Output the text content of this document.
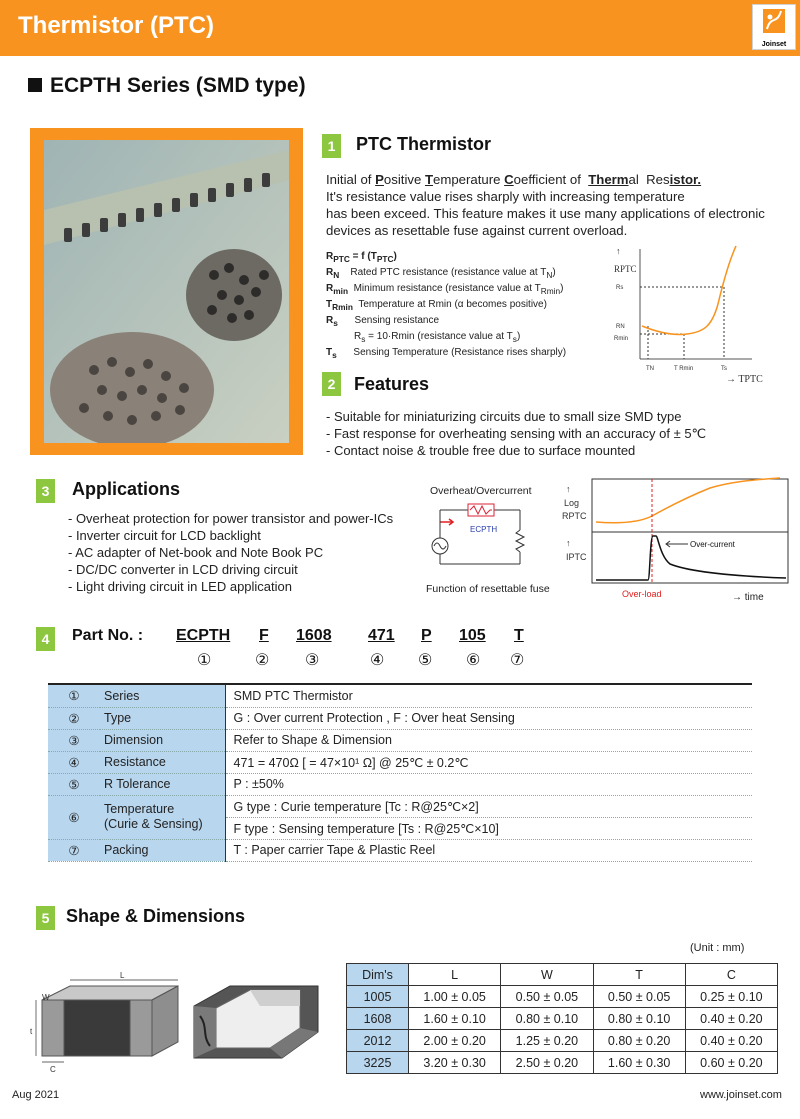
Thermistor (PTC)
Joinset
ECPTH Series (SMD type)
1	PTC Thermistor
Initial of Positive Temperature Coefficient of  Thermal  Resistor.
It's resistance value rises sharply with increasing temperature
has been exceed. This feature makes it use many applications of electronic
devices as resettable fuse against current overload.
$R_{PTC} = f$ $(T_{PTC})$
$R_N$    Rated PTC resistance (resistance value at $T_N$)
$R_{min}$  Minimum resistance (resistance value at $T_{Rmin}$)
$T_{Rmin}$  Temperature at Rmin (α becomes positive)
$R_s$      Sensing resistance
$R_s = 10\cdot Rmin$ (resistance value at $T_s$)
$T_s$      Sensing Temperature (Resistance rises sharply)
↑
RPTC
Rs
RN
Rmin
TN	T Rmin	Ts
→ TPTC
2	Features
- Suitable for miniaturizing circuits due to small size SMD type
- Fast response for overheating sensing with an accuracy of ± 5℃
- Contact noise & trouble free due to surface mounted
3	Applications
- Overheat protection for power transistor and power-ICs
- Inverter circuit for LCD backlight
- AC adapter of Net-book and Note Book PC
- DC/DC converter in LCD driving circuit
- Light driving circuit in LED application
Overheat/Overcurrent
ECPTH
Function of resettable fuse
↑
Log
RPTC
↑
IPTC
Over-current
Over-load	→ time
4	Part No. : ECPTH F 1608 471 P 105 T
①	② ③	④ ⑤ ⑥ ⑦
①	Series	SMD PTC Thermistor
②	Type	G : Over current Protection , F : Over heat Sensing
③	Dimension	Refer to Shape & Dimension
④	Resistance	471 = 470Ω [ = 47×10¹ Ω] @ 25℃ ± 0.2℃
⑤	R Tolerance	P : ±50%
⑥	Temperature
(Curie & Sensing)	G type : Curie temperature [Tc : R@25℃×2]
		F type : Sensing temperature [Ts : R@25℃×10]
⑦	Packing	T : Paper carrier Tape & Plastic Reel
5 Shape & Dimensions
(Unit : mm)
L
W
t
C
Dim's	L	W	T	C
1005	1.00 ± 0.05	0.50 ± 0.05	0.50 ± 0.05	0.25 ± 0.10
1608	1.60 ± 0.10	0.80 ± 0.10	0.80 ± 0.10	0.40 ± 0.20
2012	2.00 ± 0.20	1.25 ± 0.20	0.80 ± 0.20	0.40 ± 0.20
3225	3.20 ± 0.30	2.50 ± 0.20	1.60 ± 0.30	0.60 ± 0.20
Aug 2021	www.joinset.com
